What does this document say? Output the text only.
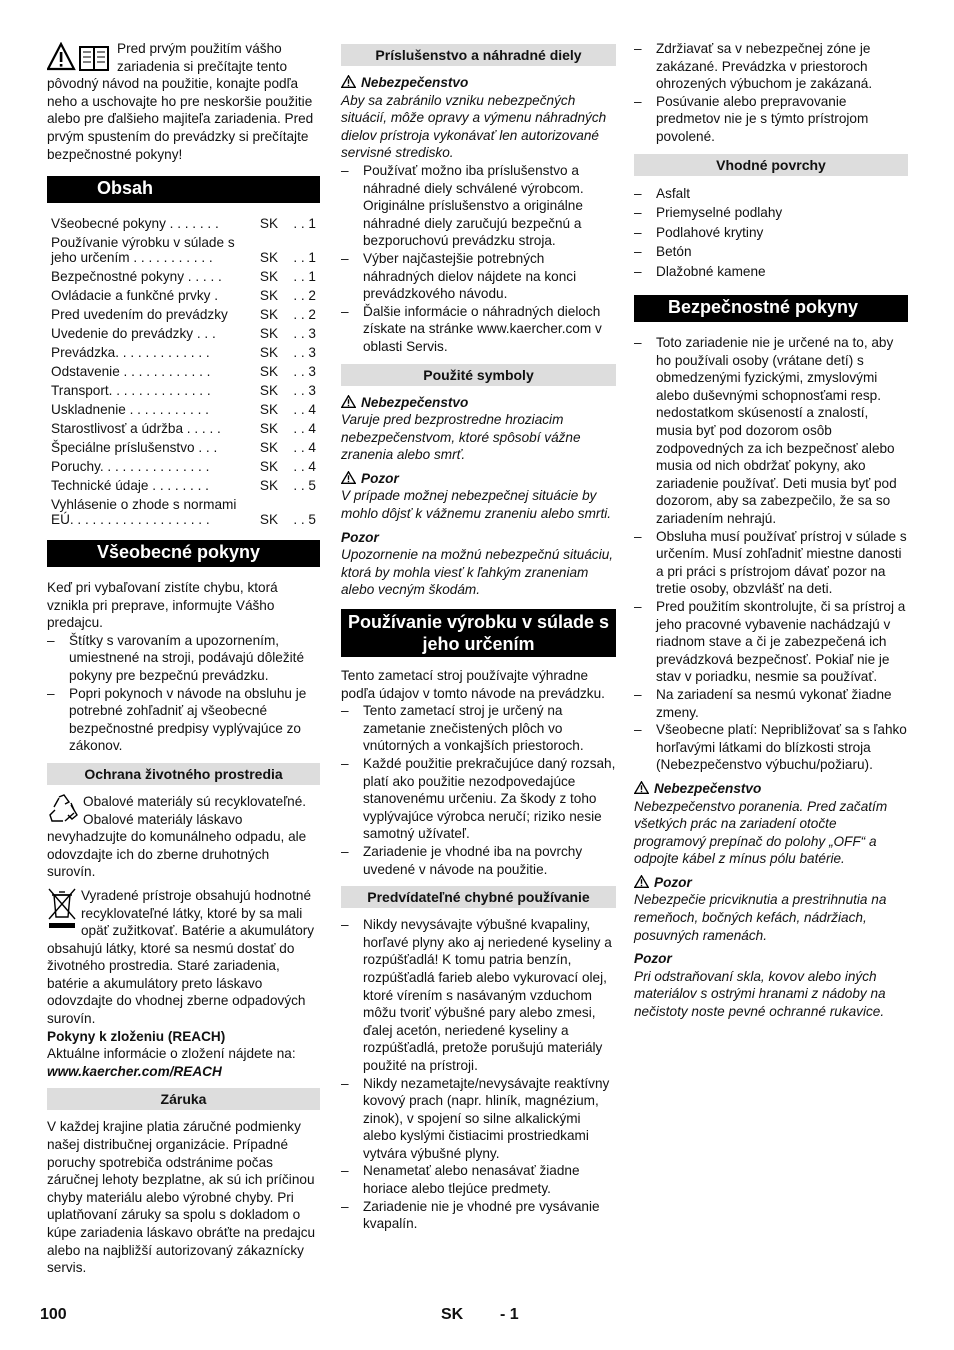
Pred prvým použitím vášho zariadenia si prečítajte tento pôvodný návod na použitie, konajte podľa neho a uschovajte ho pre neskoršie použitie alebo pre ďalšieho majiteľa zariadenia. Pred prvým spustením do prevádzky si prečítajte bezpečnostné pokyny!

Obsah
Všeobecné pokyny . . . . . . .	SK	. . 1
Používanie výrobku v súlade s jeho určením . . . . . . . . . . .	SK	. . 1
Bezpečnostné pokyny . . . . .	SK	. . 1
Ovládacie a funkčné prvky .	SK	. . 2
Pred uvedením do prevádzky	SK	. . 2
Uvedenie do prevádzky . . .	SK	. . 3
Prevádzka. . . . . . . . . . . . .	SK	. . 3
Odstavenie . . . . . . . . . . . .	SK	. . 3
Transport. . . . . . . . . . . . . .	SK	. . 3
Uskladnenie . . . . . . . . . . .	SK	. . 4
Starostlivosť a údržba . . . . .	SK	. . 4
Špeciálne príslušenstvo . . .	SK	. . 4
Poruchy. . . . . . . . . . . . . . .	SK	. . 4
Technické údaje . . . . . . . .	SK	. . 5
Vyhlásenie o zhode s normami EÚ. . . . . . . . . . . . . . . . . . .	SK	. . 5
Všeobecné pokyny

Keď pri vybaľovaní zistíte chybu, ktorá vznikla pri preprave, informujte Vášho predajcu.

– Štítky s varovaním a upozornením, umiestnené na stroji, podávajú dôležité pokyny pre bezpečnú prevádzku.
– Popri pokynoch v návode na obsluhu je potrebné zohľadniť aj všeobecné bezpečnostné predpisy vyplývajúce zo zákonov.
Ochrana životného prostredia

Obalové materiály sú recyklovateľné. Obalové materiály láskavo nevyhadzujte do komunálneho odpadu, ale odovzdajte ich do zberne druhotných surovín.

Vyradené prístroje obsahujú hodnotné recyklovateľné látky, ktoré by sa mali opäť zužitkovať. Batérie a akumulátory obsahujú látky, ktoré sa nesmú dostať do životného prostredia. Staré zariadenia, batérie a akumulátory preto láskavo odovzdajte do vhodnej zberne odpadových surovín.

Pokyny k zloženiu (REACH)

Aktuálne informácie o zložení nájdete na:

www.kaercher.com/REACH

Záruka

V každej krajine platia záručné podmienky našej distribučnej organizácie. Prípadné poruchy spotrebiča odstránime počas záručnej lehoty bezplatne, ak sú ich príčinou chyby materiálu alebo výrobné chyby. Pri uplatňovaní záruky sa spolu s dokladom o kúpe zariadenia láskavo obráťte na predajcu alebo na najbližší autorizovaný zákaznícky servis.

Príslušenstvo a náhradné diely

Nebezpečenstvo

Aby sa zabránilo vzniku nebezpečných situácií, môže opravy a výmenu náhradných dielov prístroja vykonávať len autorizované servisné stredisko.

– Používať možno iba príslušenstvo a náhradné diely schválené výrobcom. Originálne príslušenstvo a originálne náhradné diely zaručujú bezpečnú a bezporuchovú prevádzku stroja.
– Výber najčastejšie potrebných náhradných dielov nájdete na konci prevádzkového návodu.
– Ďalšie informácie o náhradných dieloch získate na stránke www.kaercher.com v oblasti Servis.
Použité symboly

Nebezpečenstvo

Varuje pred bezprostredne hroziacim nebezpečenstvom, ktoré spôsobí vážne zranenia alebo smrť.

Pozor

V prípade možnej nebezpečnej situácie by mohlo dôjsť k vážnemu zraneniu alebo smrti.

Pozor

Upozornenie na možnú nebezpečnú situáciu, ktorá by mohla viesť k ľahkým zraneniam alebo vecným škodám.

Používanie výrobku v súlade s jeho určením

Tento zametací stroj používajte výhradne podľa údajov v tomto návode na prevádzku.

– Tento zametací stroj je určený na zametanie znečistených plôch vo vnútorných a vonkajších priestoroch.
– Každé použitie prekračujúce daný rozsah, platí ako použitie nezodpovedajúce stanovenému určeniu. Za škody z toho vyplývajúce výrobca neručí; riziko nesie samotný užívateľ.
– Zariadenie je vhodné iba na povrchy uvedené v návode na použitie.
Predvídateľné chybné používanie
– Nikdy nevysávajte výbušné kvapaliny, horľavé plyny ako aj neriedené kyseliny a rozpúšťadlá! K tomu patria benzín, rozpúšťadlá farieb alebo vykurovací olej, ktoré vírením s nasávaným vzduchom môžu tvoriť výbušné pary alebo zmesi, ďalej acetón, neriedené kyseliny a rozpúšťadlá, pretože porušujú materiály použité na prístroji.
– Nikdy nezametajte/nevysávajte reaktívny kovový prach (napr. hliník, magnézium, zinok), v spojení so silne alkalickými alebo kyslými čistiacimi prostriedkami vytvára výbušné plyny.
– Nenametať alebo nenasávať žiadne horiace alebo tlejúce predmety.
– Zariadenie nie je vhodné pre vysávanie kvapalín.
– Zdržiavať sa v nebezpečnej zóne je zakázané. Prevádzka v priestoroch ohrozených výbuchom je zakázaná.
– Posúvanie alebo prepravovanie predmetov nie je s týmto prístrojom povolené.
Vhodné povrchy
– Asfalt
– Priemyselné podlahy
– Podlahové krytiny
– Betón
– Dlažobné kamene
Bezpečnostné pokyny
– Toto zariadenie nie je určené na to, aby ho používali osoby (vrátane detí) s obmedzenými fyzickými, zmyslovými alebo duševnými schopnosťami resp. nedostatkom skúseností a znalostí, musia byť pod dozorom osôb zodpovedných za ich bezpečnosť alebo musia od nich obdržať pokyny, ako zariadenie používať. Deti musia byť pod dozorom, aby sa zabezpečilo, že sa so zariadením nehrajú.
– Obsluha musí používať prístroj v súlade s určením. Musí zohľadniť miestne danosti a pri práci s prístrojom dávať pozor na tretie osoby, obzvlášť na deti.
– Pred použitím skontrolujte, či sa prístroj a jeho pracovné vybavenie nachádzajú v riadnom stave a či je zabezpečená ich prevádzková bezpečnosť. Pokiaľ nie je stav v poriadku, nesmie sa používať.
– Na zariadení sa nesmú vykonať žiadne zmeny.
– Všeobecne platí: Nepribližovať sa s ľahko horľavými látkami do blízkosti stroja (Nebezpečenstvo výbuchu/požiaru).

Nebezpečenstvo

Nebezpečenstvo poranenia. Pred začatím všetkých prác na zariadení otočte programový prepínač do polohy „OFF“ a odpojte kábel z mínus pólu batérie.

Pozor

Nebezpečie pricviknutia a prestrihnutia na remeňoch, bočných kefách, nádržiach, posuvných ramenách.

Pozor

Pri odstraňovaní skla, kovov alebo iných materiálov s ostrými hranami z nádoby na nečistoty noste pevné ochranné rukavice.

100	SK - 1
